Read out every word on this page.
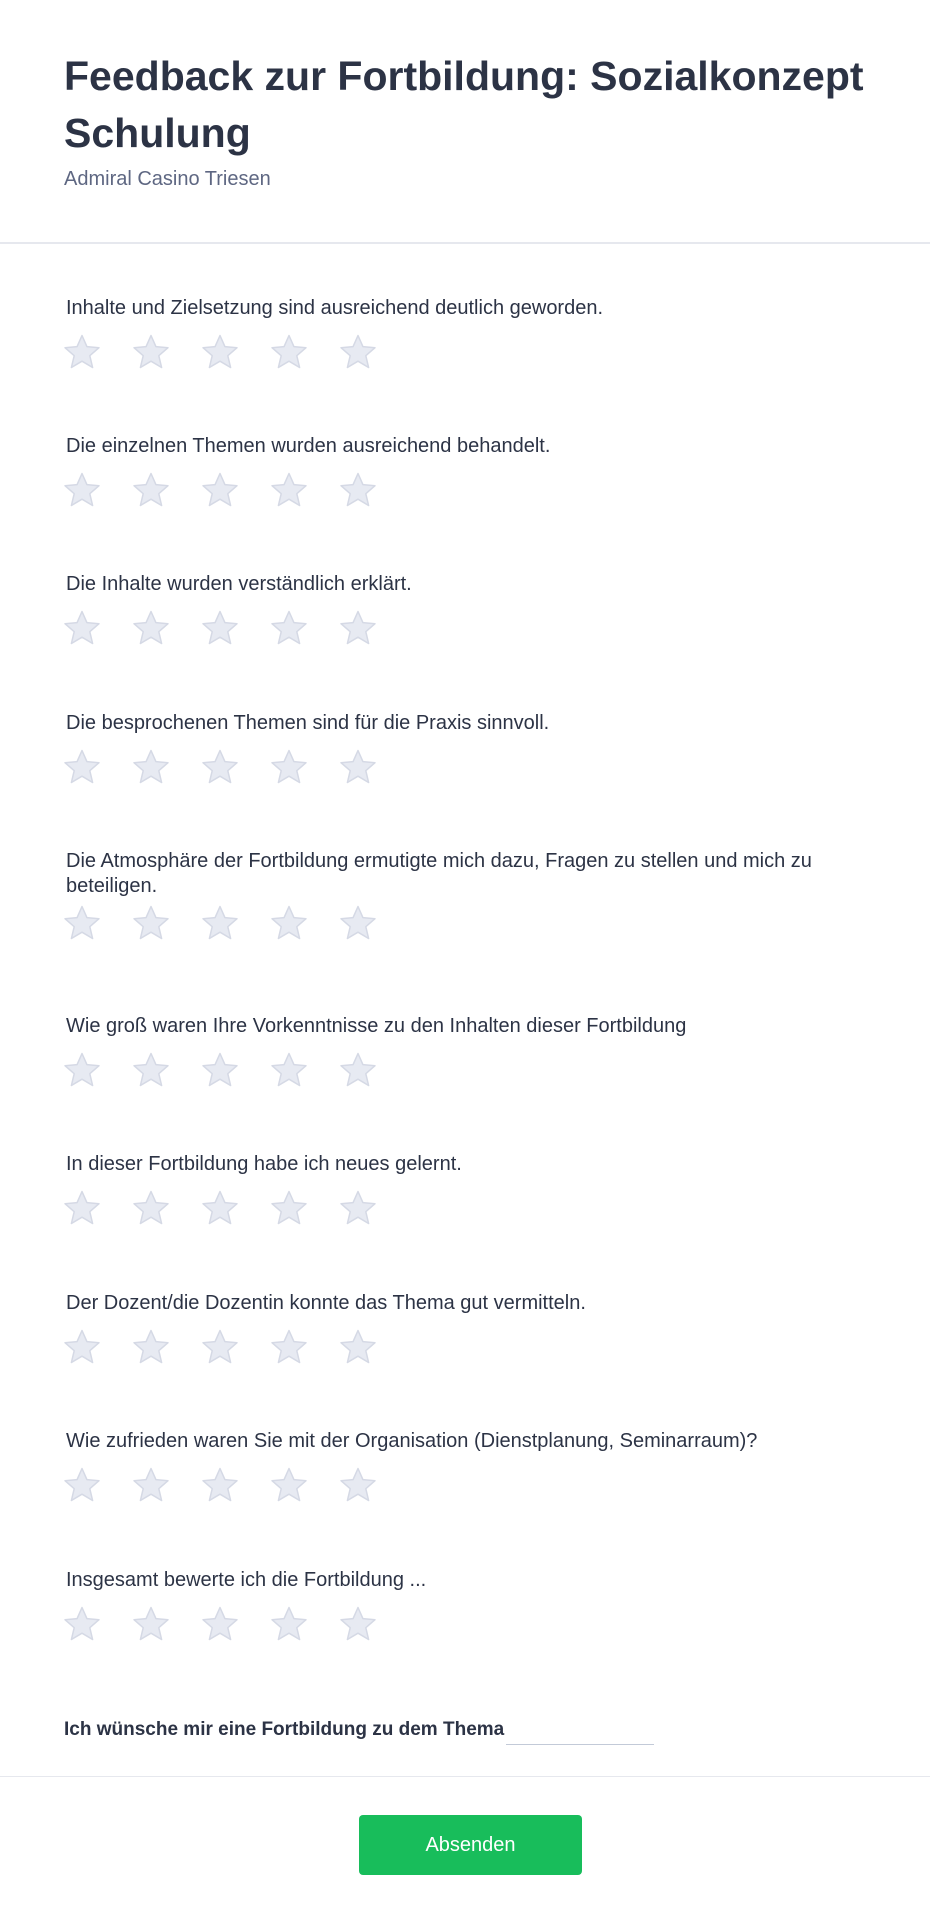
Feedback zur Fortbildung: Sozialkonzept Schulung

Admiral Casino Triesen

Inhalte und Zielsetzung sind ausreichend deutlich geworden.

Die einzelnen Themen wurden ausreichend behandelt.

Die Inhalte wurden verständlich erklärt.

Die besprochenen Themen sind für die Praxis sinnvoll.

Die Atmosphäre der Fortbildung ermutigte mich dazu, Fragen zu stellen und mich zu beteiligen.

Wie groß waren Ihre Vorkenntnisse zu den Inhalten dieser Fortbildung

In dieser Fortbildung habe ich neues gelernt.

Der Dozent/die Dozentin konnte das Thema gut vermitteln.

Wie zufrieden waren Sie mit der Organisation (Dienstplanung, Seminarraum)?

Insgesamt bewerte ich die Fortbildung ...

Ich wünsche mir eine Fortbildung zu dem Thema
Absenden
